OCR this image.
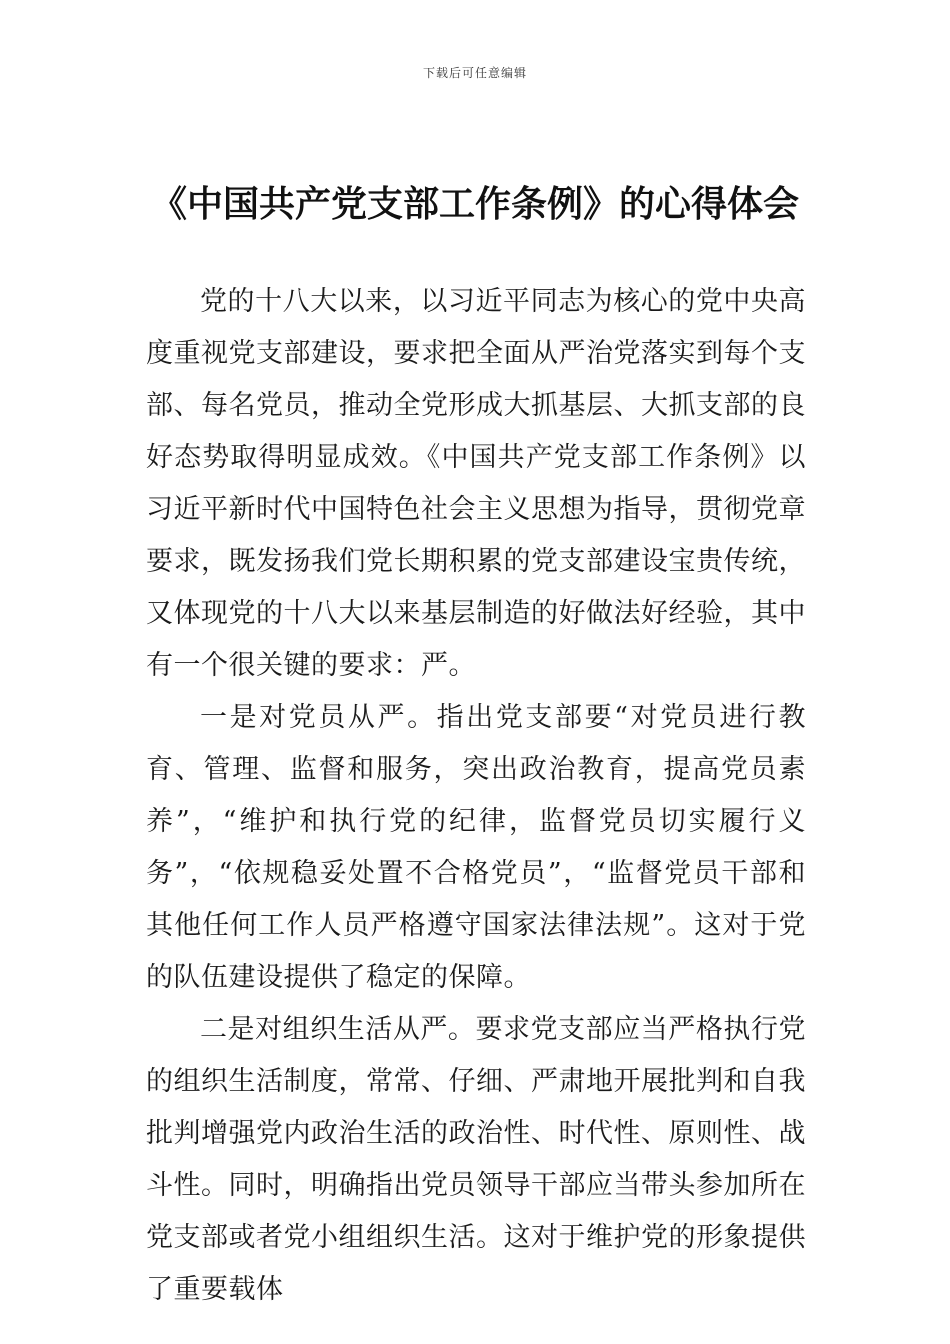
下载后可任意编辑
《中国共产党支部工作条例》的心得体会

党的十八大以来，以习近平同志为核心的党中央高度重视党支部建设，要求把全面从严治党落实到每个支部、每名党员，推动全党形成大抓基层、大抓支部的良好态势取得明显成效。《中国共产党支部工作条例》以习近平新时代中国特色社会主义思想为指导，贯彻党章要求，既发扬我们党长期积累的党支部建设宝贵传统，又体现党的十八大以来基层制造的好做法好经验，其中有一个很关键的要求：严。

一是对党员从严。指出党支部要“对党员进行教育、管理、监督和服务，突出政治教育，提高党员素养”，“维护和执行党的纪律，监督党员切实履行义务”，“依规稳妥处置不合格党员”，“监督党员干部和其他任何工作人员严格遵守国家法律法规”。这对于党的队伍建设提供了稳定的保障。

二是对组织生活从严。要求党支部应当严格执行党的组织生活制度，常常、仔细、严肃地开展批判和自我批判增强党内政治生活的政治性、时代性、原则性、战斗性。同时，明确指出党员领导干部应当带头参加所在党支部或者党小组组织生活。这对于维护党的形象提供了重要载体
